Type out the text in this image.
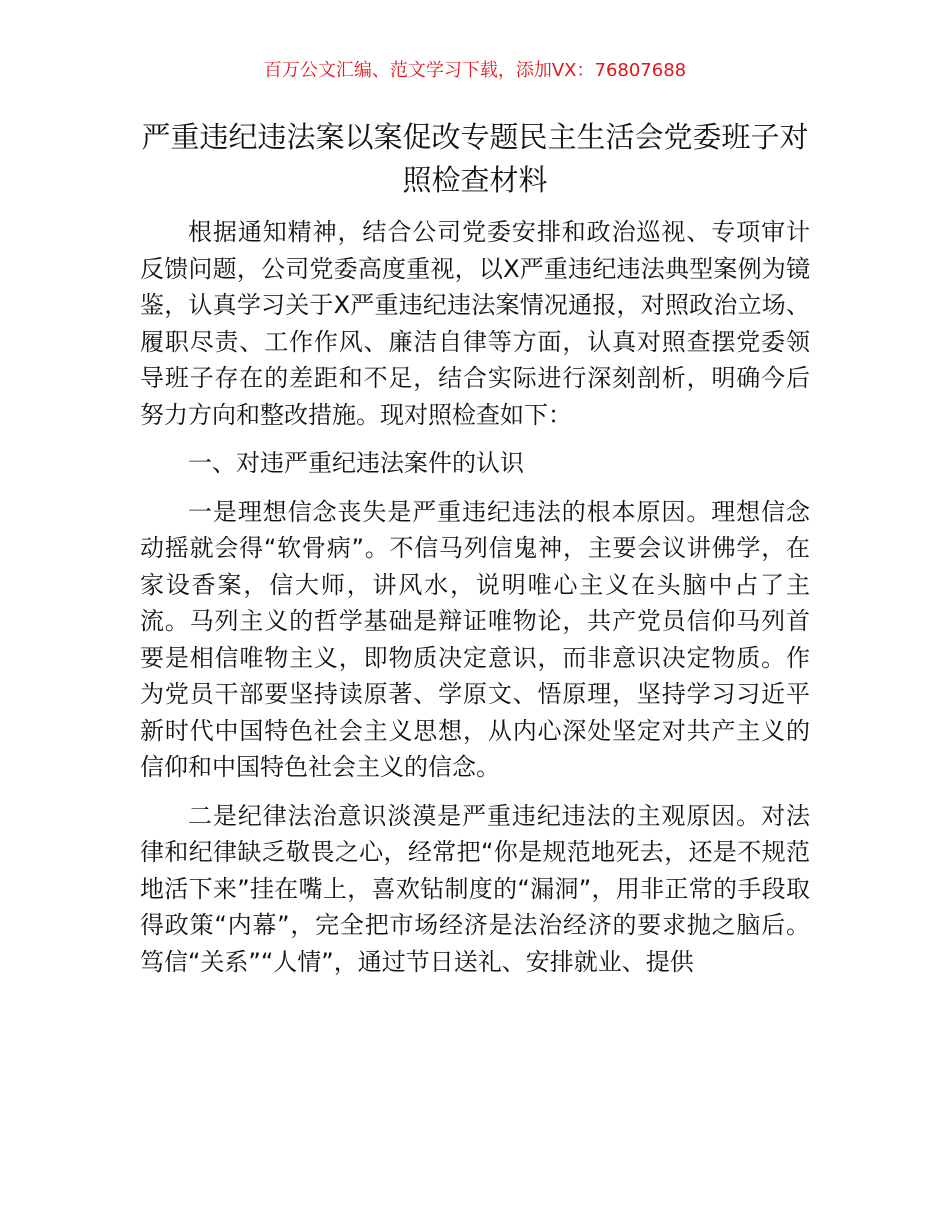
百万公文汇编、范文学习下载，添加VX：76807688
严重违纪违法案以案促改专题民主生活会党委班子对照检查材料

根据通知精神，结合公司党委安排和政治巡视、专项审计反馈问题，公司党委高度重视，以X严重违纪违法典型案例为镜鉴，认真学习关于X严重违纪违法案情况通报，对照政治立场、履职尽责、工作作风、廉洁自律等方面，认真对照查摆党委领导班子存在的差距和不足，结合实际进行深刻剖析，明确今后努力方向和整改措施。现对照检查如下：

一、对违严重纪违法案件的认识

一是理想信念丧失是严重违纪违法的根本原因。理想信念动摇就会得“软骨病”。不信马列信鬼神，主要会议讲佛学，在家设香案，信大师，讲风水，说明唯心主义在头脑中占了主流。马列主义的哲学基础是辩证唯物论，共产党员信仰马列首要是相信唯物主义，即物质决定意识，而非意识决定物质。作为党员干部要坚持读原著、学原文、悟原理，坚持学习习近平新时代中国特色社会主义思想，从内心深处坚定对共产主义的信仰和中国特色社会主义的信念。

二是纪律法治意识淡漠是严重违纪违法的主观原因。对法律和纪律缺乏敬畏之心，经常把“你是规范地死去，还是不规范地活下来”挂在嘴上，喜欢钻制度的“漏洞”，用非正常的手段取得政策“内幕”，完全把市场经济是法治经济的要求抛之脑后。笃信“关系”“人情”，通过节日送礼、安排就业、提供
